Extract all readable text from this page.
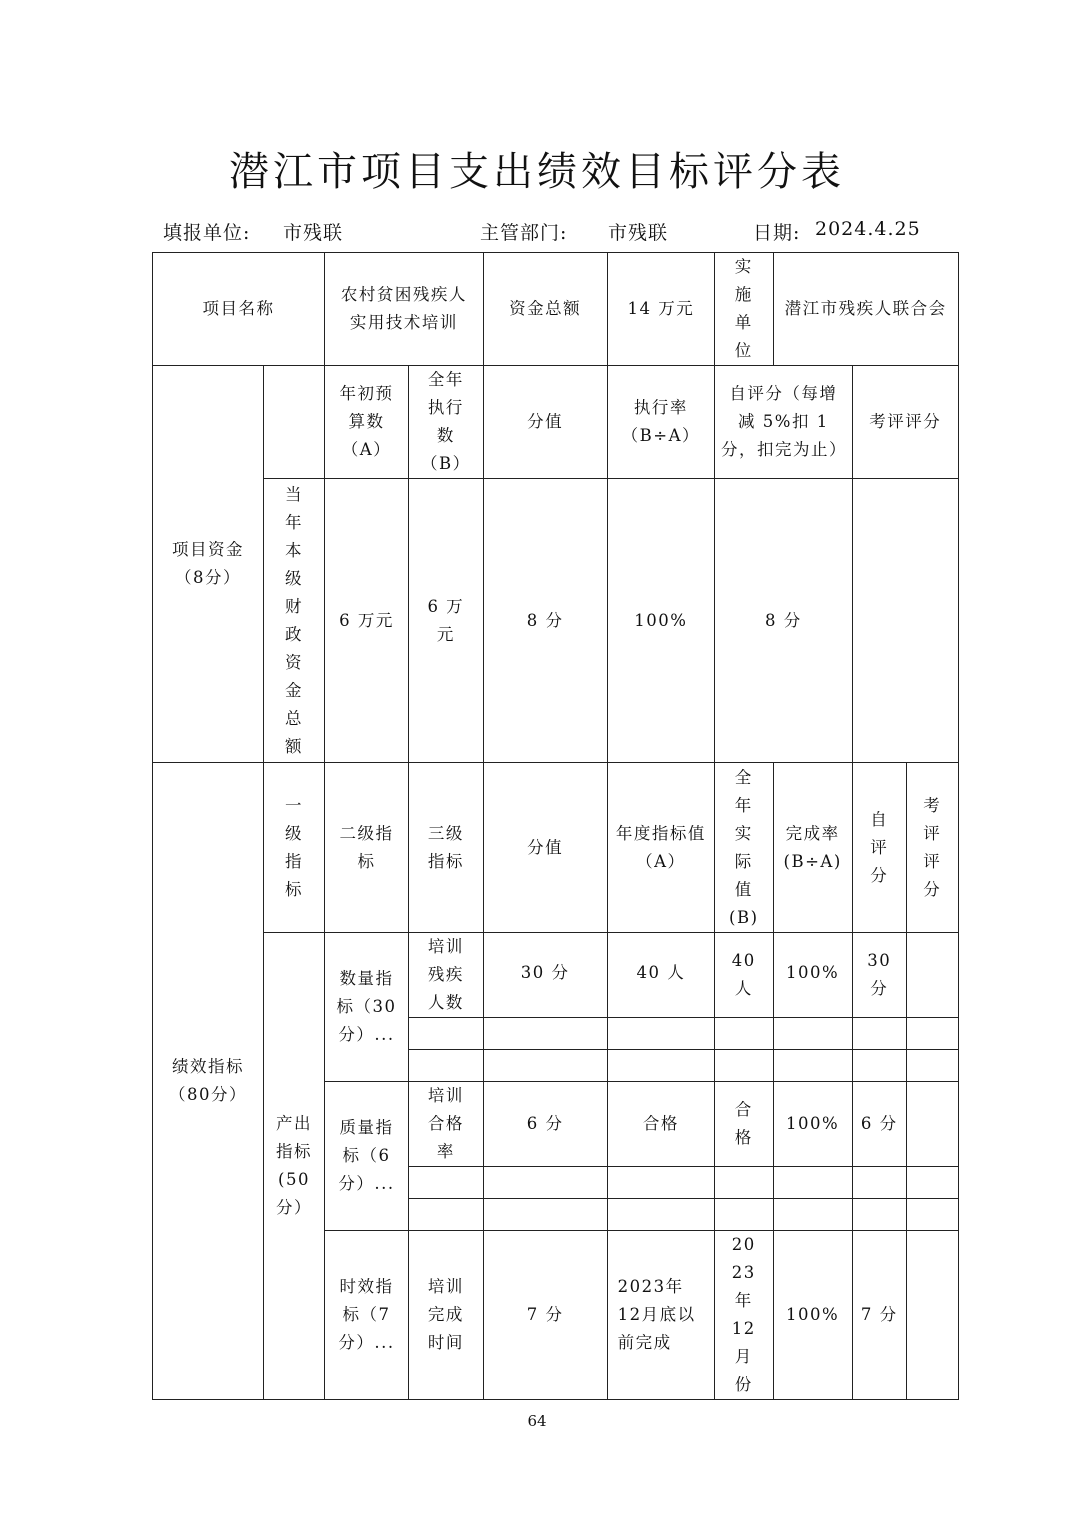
潜江市项目支出绩效目标评分表
填报单位: 市残联	主管部门: 市残联	日期: 2024.4.25
项目名称		农村贫困残疾人实用技术培训		资金总额	14 万元	实施单位	潜江市残疾人联合会		
项目资金（8分）		年初预算数（A）	全年执行数（B）	分值	执行率（B÷A）	自评分（每增减 5%扣 1 分，扣完为止）		考评评分	
	当年本级财政资金总额	6 万元	6 万元	8 分	100%	8 分			
绩效指标（80分）	一级指标	二级指标	三级指标	分值	年度指标值（A）	全年实际值(B)	完成率(B÷A)	自评分	考评评分
	产出指标(50分）	数量指标（30分）...	培训残疾人数	30 分	40 人	40 人	100%	30 分	

		质量指标（6分）...	培训合格率	6 分	合格	合格	100%	6 分	

		时效指标（7分）...	培训完成时间	7 分	2023年12月底以前完成	2023年12月份	100%	7 分	
64
